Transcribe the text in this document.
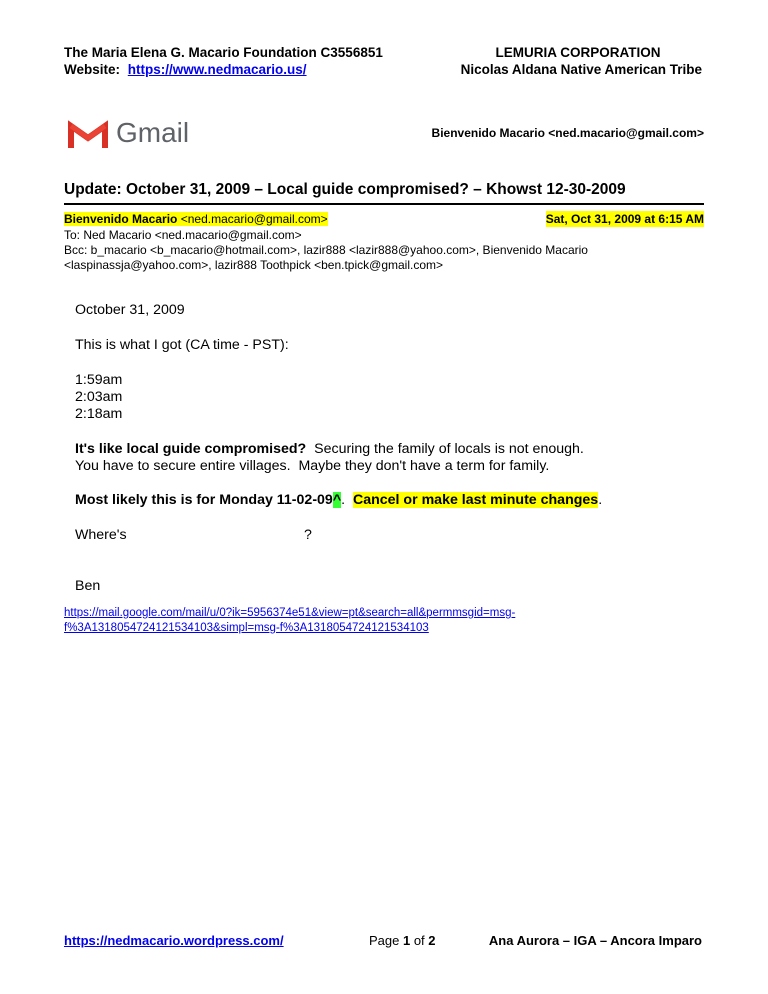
The Maria Elena G. Macario Foundation C3556851
Website: https://www.nedmacario.us/
LEMURIA CORPORATION
Nicolas Aldana Native American Tribe
Gmail	Bienvenido Macario <ned.macario@gmail.com>
Update: October 31, 2009 – Local guide compromised? – Khowst 12-30-2009
Bienvenido Macario <ned.macario@gmail.com>	Sat, Oct 31, 2009 at 6:15 AM
To: Ned Macario <ned.macario@gmail.com>
Bcc: b_macario <b_macario@hotmail.com>, lazir888 <lazir888@yahoo.com>, Bienvenido Macario
<laspinassja@yahoo.com>, lazir888 Toothpick <ben.tpick@gmail.com>
October 31, 2009
This is what I got (CA time - PST):
1:59am
2:03am
2:18am
It's like local guide compromised?  Securing the family of locals is not enough.
You have to secure entire villages.  Maybe they don't have a term for family.
Most likely this is for Monday 11-02-09^. Cancel or make last minute changes.
Where's	?
Ben
https://mail.google.com/mail/u/0?ik=5956374e51&view=pt&search=all&permmsgid=msg-
f%3A1318054724121534103&simpl=msg-f%3A1318054724121534103
https://nedmacario.wordpress.com/	Page 1 of 2	Ana Aurora – IGA – Ancora Imparo
